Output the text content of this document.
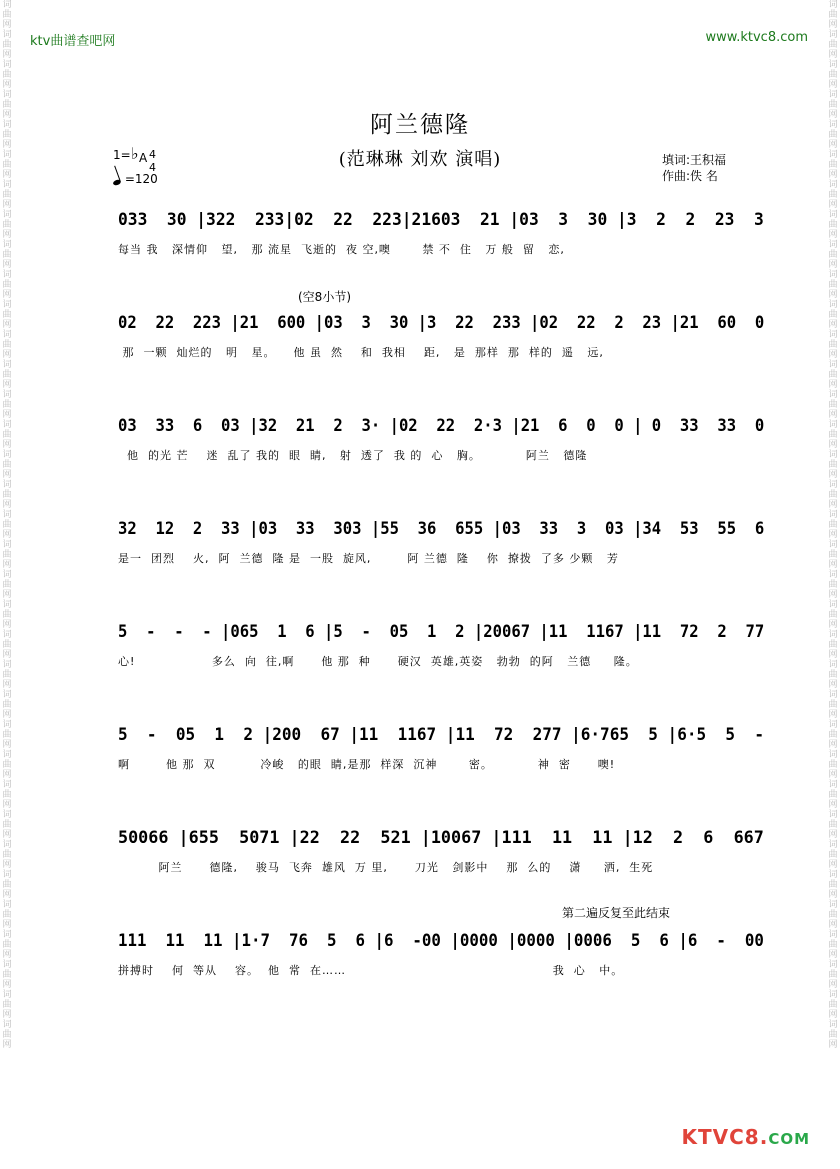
词曲网词曲网词曲网词曲网词曲网词曲网词曲网词曲网词曲网词曲网词曲网词曲网词曲网词曲网词曲网词曲网词曲网词曲网词曲网词曲网词曲网词曲网词曲网词曲网词曲网词曲网词曲网词曲网词曲网词曲网词曲网词曲网词曲网词曲网词曲网
词曲网词曲网词曲网词曲网词曲网词曲网词曲网词曲网词曲网词曲网词曲网词曲网词曲网词曲网词曲网词曲网词曲网词曲网词曲网词曲网词曲网词曲网词曲网词曲网词曲网词曲网词曲网词曲网词曲网词曲网词曲网词曲网词曲网词曲网词曲网
ktv曲谱查吧网	www.ktvc8.com
阿兰德隆
(范琳琳 刘欢 演唱)	填词:王积福
作曲:佚 名
1= ♭ A 4
4
=120
033  30 |322  233|02  22  223|21603  21 |03  3  30 |3  2  2  23  3
每当 我   深情仰   望,   那 流星  飞逝的  夜 空,噢       禁 不  住   万 般  留   恋,
(空8小节)
02  22  223 |21  600 |03  3  30 |3  22  233 |02  22  2  23 |21  60  0
那  一颗  灿烂的   明   星。    他 虽  然    和  我相    距,   是  那样  那  样的  遥   远,
03  33  6  03 |32  21  2  3· |02  22  2·3 |21  6  0  0 | 0  33  33  0
他  的光 芒    迷  乱了 我的  眼  睛,   射  透了  我 的  心   胸。          阿兰   德隆
32  12  2  33 |03  33  303 |55  36  655 |03  33  3  03 |34  53  55  6
是一  团烈    火,  阿  兰德  隆 是  一股  旋风,        阿 兰德  隆    你  撩拨  了多 少颗   芳
5  -  -  - |065  1  6 |5  -  05  1  2 |20067 |11  1167 |11  72  2  77
心!                 多么  向  往,啊      他 那  种      硬汉  英雄,英姿   勃勃  的阿   兰德     隆。
5  -  05  1  2 |200  67 |11  1167 |11  72  277 |6·765  5 |6·5  5  -
啊        他 那  双          冷峻   的眼  睛,是那  样深  沉神       密。          神  密      噢!
50066 |655  5071 |22  22  521 |10067 |111  11  11 |12  2  6  667
阿兰      德隆,    骏马  飞奔  雄风  万 里,      刀光   剑影中    那  么的    潇     洒,  生死
第二遍反复至此结束
111  11  11 |1·7  76  5  6 |6  -00 |0000 |0000 |0006  5  6 |6  -  00
拼搏时    何  等从    容。  他  常  在……                                              我  心   中。
KTVC8.COM
